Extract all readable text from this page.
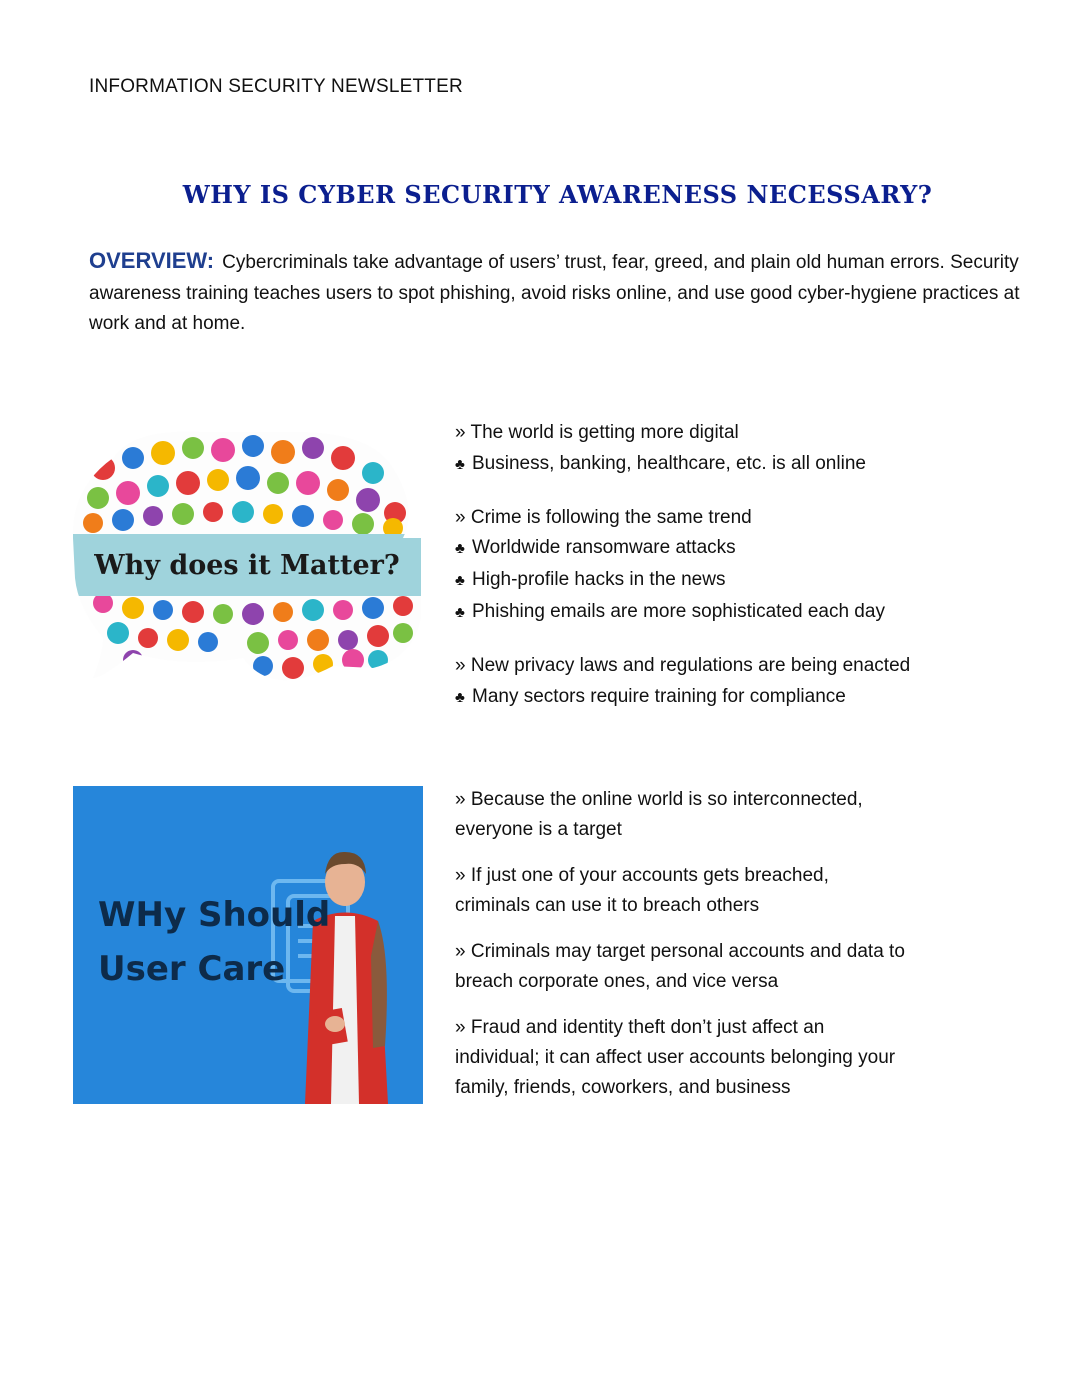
INFORMATION SECURITY NEWSLETTER
WHY IS CYBER SECURITY AWARENESS NECESSARY?
OVERVIEW: Cybercriminals take advantage of users’ trust, fear, greed, and plain old human errors. Security awareness training teaches users to spot phishing, avoid risks online, and use good cyber-hygiene practices at work and at home.
Why does it Matter?
WHy Should
User Care

» The world is getting more digital

♣ Business, banking, healthcare, etc. is all online

» Crime is following the same trend

♣ Worldwide ransomware attacks

♣ High-profile hacks in the news

♣ Phishing emails are more sophisticated each day

» New privacy laws and regulations are being enacted

♣ Many sectors require training for compliance

» Because the online world is so interconnected,
everyone is a target

» If just one of your accounts gets breached,
criminals can use it to breach others

» Criminals may target personal accounts and data to
breach corporate ones, and vice versa

» Fraud and identity theft don’t just affect an
individual; it can affect user accounts belonging your
family, friends, coworkers, and business
